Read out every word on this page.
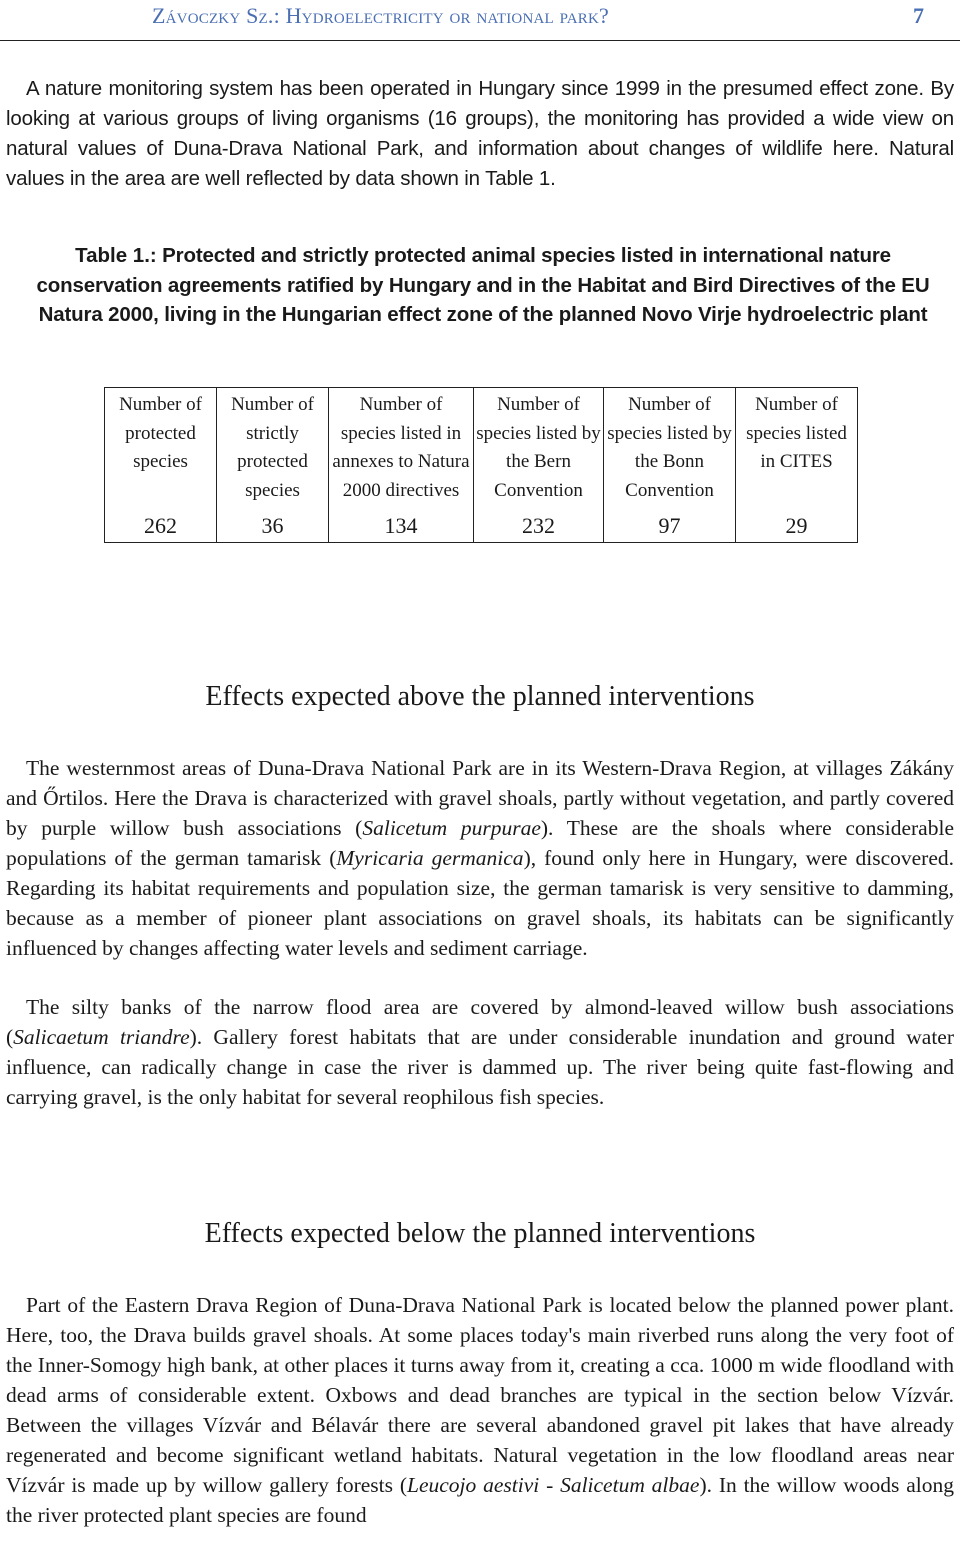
Závoczky Sz.: Hydroelectricity or national park?	7

A nature monitoring system has been operated in Hungary since 1999 in the presumed effect zone. By looking at various groups of living organisms (16 groups), the monitoring has provided a wide view on natural values of Duna-Drava National Park, and information about changes of wildlife here. Natural values in the area are well reflected by data shown in Table 1.

Table 1.: Protected and strictly protected animal species listed in international nature conservation agreements ratified by Hungary and in the Habitat and Bird Directives of the EU Natura 2000, living in the Hungarian effect zone of the planned Novo Virje hydroelectric plant

Number of protected species	Number of strictly protected species	Number of species listed in annexes to Natura 2000 directives	Number of species listed by the Bern Convention	Number of species listed by the Bonn Convention	Number of species listed in CITES
262	36	134	232	97	29
Effects expected above the planned interventions

The westernmost areas of Duna-Drava National Park are in its Western-Drava Region, at villages Zákány and Őrtilos. Here the Drava is characterized with gravel shoals, partly without vegetation, and partly covered by purple willow bush associations (Salicetum purpurae). These are the shoals where considerable populations of the german tamarisk (Myricaria germanica), found only here in Hungary, were discovered. Regarding its habitat requirements and population size, the german tamarisk is very sensitive to damming, because as a member of pioneer plant associations on gravel shoals, its habitats can be significantly influenced by changes affecting water levels and sediment carriage.

The silty banks of the narrow flood area are covered by almond-leaved willow bush associations (Salicaetum triandre). Gallery forest habitats that are under considerable inundation and ground water influence, can radically change in case the river is dammed up. The river being quite fast-flowing and carrying gravel, is the only habitat for several reophilous fish species.

Effects expected below the planned interventions

Part of the Eastern Drava Region of Duna-Drava National Park is located below the planned power plant. Here, too, the Drava builds gravel shoals. At some places today's main riverbed runs along the very foot of the Inner-Somogy high bank, at other places it turns away from it, creating a cca. 1000 m wide floodland with dead arms of considerable extent. Oxbows and dead branches are typical in the section below Vízvár. Between the villages Vízvár and Bélavár there are several abandoned gravel pit lakes that have already regenerated and become significant wetland habitats. Natural vegetation in the low floodland areas near Vízvár is made up by willow gallery forests (Leucojo aestivi - Salicetum albae). In the willow woods along the river protected plant species are found
